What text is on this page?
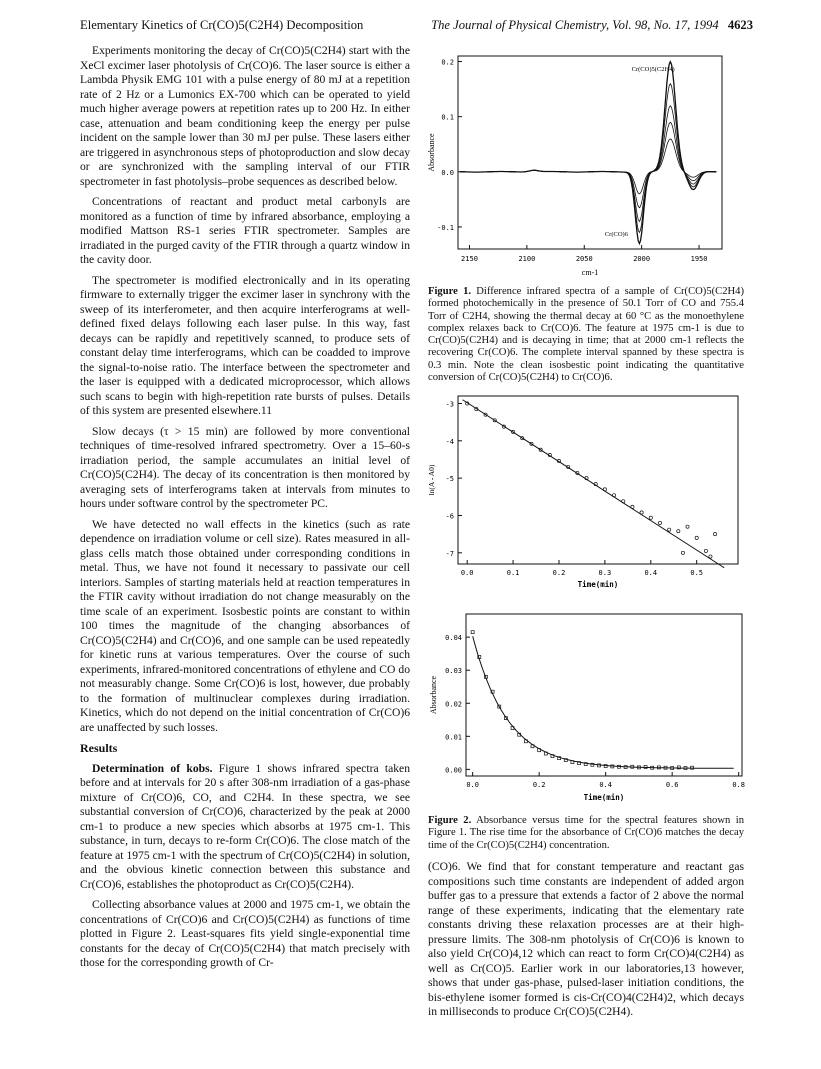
Elementary Kinetics of Cr(CO)5(C2H4) Decomposition	The Journal of Physical Chemistry, Vol. 98, No. 17, 1994 4623

Experiments monitoring the decay of Cr(CO)5(C2H4) start with the XeCl excimer laser photolysis of Cr(CO)6. The laser source is either a Lambda Physik EMG 101 with a pulse energy of 80 mJ at a repetition rate of 2 Hz or a Lumonics EX-700 which can be operated to yield much higher average powers at repetition rates up to 200 Hz. In either case, attenuation and beam conditioning keep the energy per pulse incident on the sample lower than 30 mJ per pulse. These lasers either are triggered in asynchronous steps of photoproduction and slow decay or are synchronized with the sampling interval of our FTIR spectrometer in fast photolysis–probe sequences as described below.

Concentrations of reactant and product metal carbonyls are monitored as a function of time by infrared absorbance, employing a modified Mattson RS-1 series FTIR spectrometer. Samples are irradiated in the purged cavity of the FTIR through a quartz window in the cavity door.

The spectrometer is modified electronically and in its operating firmware to externally trigger the excimer laser in synchrony with the sweep of its interferometer, and then acquire interferograms at well-defined fixed delays following each laser pulse. In this way, fast decays can be rapidly and repetitively scanned, to produce sets of constant delay time interferograms, which can be coadded to improve the signal-to-noise ratio. The interface between the spectrometer and the laser is equipped with a dedicated microprocessor, which allows such scans to begin with high-repetition rate bursts of pulses. Details of this system are presented elsewhere.11

Slow decays (τ > 15 min) are followed by more conventional techniques of time-resolved infrared spectrometry. Over a 15–60-s irradiation period, the sample accumulates an initial level of Cr(CO)5(C2H4). The decay of its concentration is then monitored by averaging sets of interferograms taken at intervals from minutes to hours under software control by the spectrometer PC.

We have detected no wall effects in the kinetics (such as rate dependence on irradiation volume or cell size). Rates measured in all-glass cells match those obtained under corresponding conditions in metal. Thus, we have not found it necessary to passivate our cell interiors. Samples of starting materials held at reaction temperatures in the FTIR cavity without irradiation do not change measurably on the time scale of an experiment. Isosbestic points are constant to within 100 times the magnitude of the changing absorbances of Cr(CO)5(C2H4) and Cr(CO)6, and one sample can be used repeatedly for kinetic runs at various temperatures. Over the course of such experiments, infrared-monitored concentrations of ethylene and CO do not measurably change. Some Cr(CO)6 is lost, however, due probably to the formation of multinuclear complexes during irradiation. Kinetics, which do not depend on the initial concentration of Cr(CO)6 are unaffected by such losses.

Results

Determination of kobs. Figure 1 shows infrared spectra taken before and at intervals for 20 s after 308-nm irradiation of a gas-phase mixture of Cr(CO)6, CO, and C2H4. In these spectra, we see substantial conversion of Cr(CO)6, characterized by the peak at 2000 cm-1 to produce a new species which absorbs at 1975 cm-1. This substance, in turn, decays to re-form Cr(CO)6. The close match of the feature at 1975 cm-1 with the spectrum of Cr(CO)5(C2H4) in solution, and the obvious kinetic connection between this substance and Cr(CO)6, establishes the photoproduct as Cr(CO)5(C2H4).

Collecting absorbance values at 2000 and 1975 cm-1, we obtain the concentrations of Cr(CO)6 and Cr(CO)5(C2H4) as functions of time plotted in Figure 2. Least-squares fits yield single-exponential time constants for the decay of Cr(CO)5(C2H4) that match precisely with those for the corresponding growth of Cr-

2150	2100	2050	2000	1950
-0.1
0.0
0.1
0.2
cm-1
Absorbance
Cr(CO)5(C2H4)
Cr(CO)6
Figure 1. Difference infrared spectra of a sample of Cr(CO)5(C2H4) formed photochemically in the presence of 50.1 Torr of CO and 755.4 Torr of C2H4, showing the thermal decay at 60 °C as the monoethylene complex relaxes back to Cr(CO)6. The feature at 1975 cm-1 is due to Cr(CO)5(C2H4) and is decaying in time; that at 2000 cm-1 reflects the recovering Cr(CO)6. The complete interval spanned by these spectra is 0.3 min. Note the clean isosbestic point indicating the quantitative conversion of Cr(CO)5(C2H4) to Cr(CO)6.
0.0	0.1	0.2	0.3	0.4	0.5
-3
-4
-5
-6
-7
Time(min)
ln(A - A0)
0.0	0.2	0.4	0.6	0.8
0.00
0.01
0.02
0.03
0.04
Time(min)
Absorbance
Figure 2. Absorbance versus time for the spectral features shown in Figure 1. The rise time for the absorbance of Cr(CO)6 matches the decay time of the Cr(CO)5(C2H4) concentration.

(CO)6. We find that for constant temperature and reactant gas compositions such time constants are independent of added argon buffer gas to a pressure that extends a factor of 2 above the normal range of these experiments, indicating that the elementary rate constants driving these relaxation processes are at their high-pressure limits. The 308-nm photolysis of Cr(CO)6 is known to also yield Cr(CO)4,12 which can react to form Cr(CO)4(C2H4) as well as Cr(CO)5. Earlier work in our laboratories,13 however, shows that under gas-phase, pulsed-laser initiation conditions, the bis-ethylene isomer formed is cis-Cr(CO)4(C2H4)2, which decays in milliseconds to produce Cr(CO)5(C2H4).
